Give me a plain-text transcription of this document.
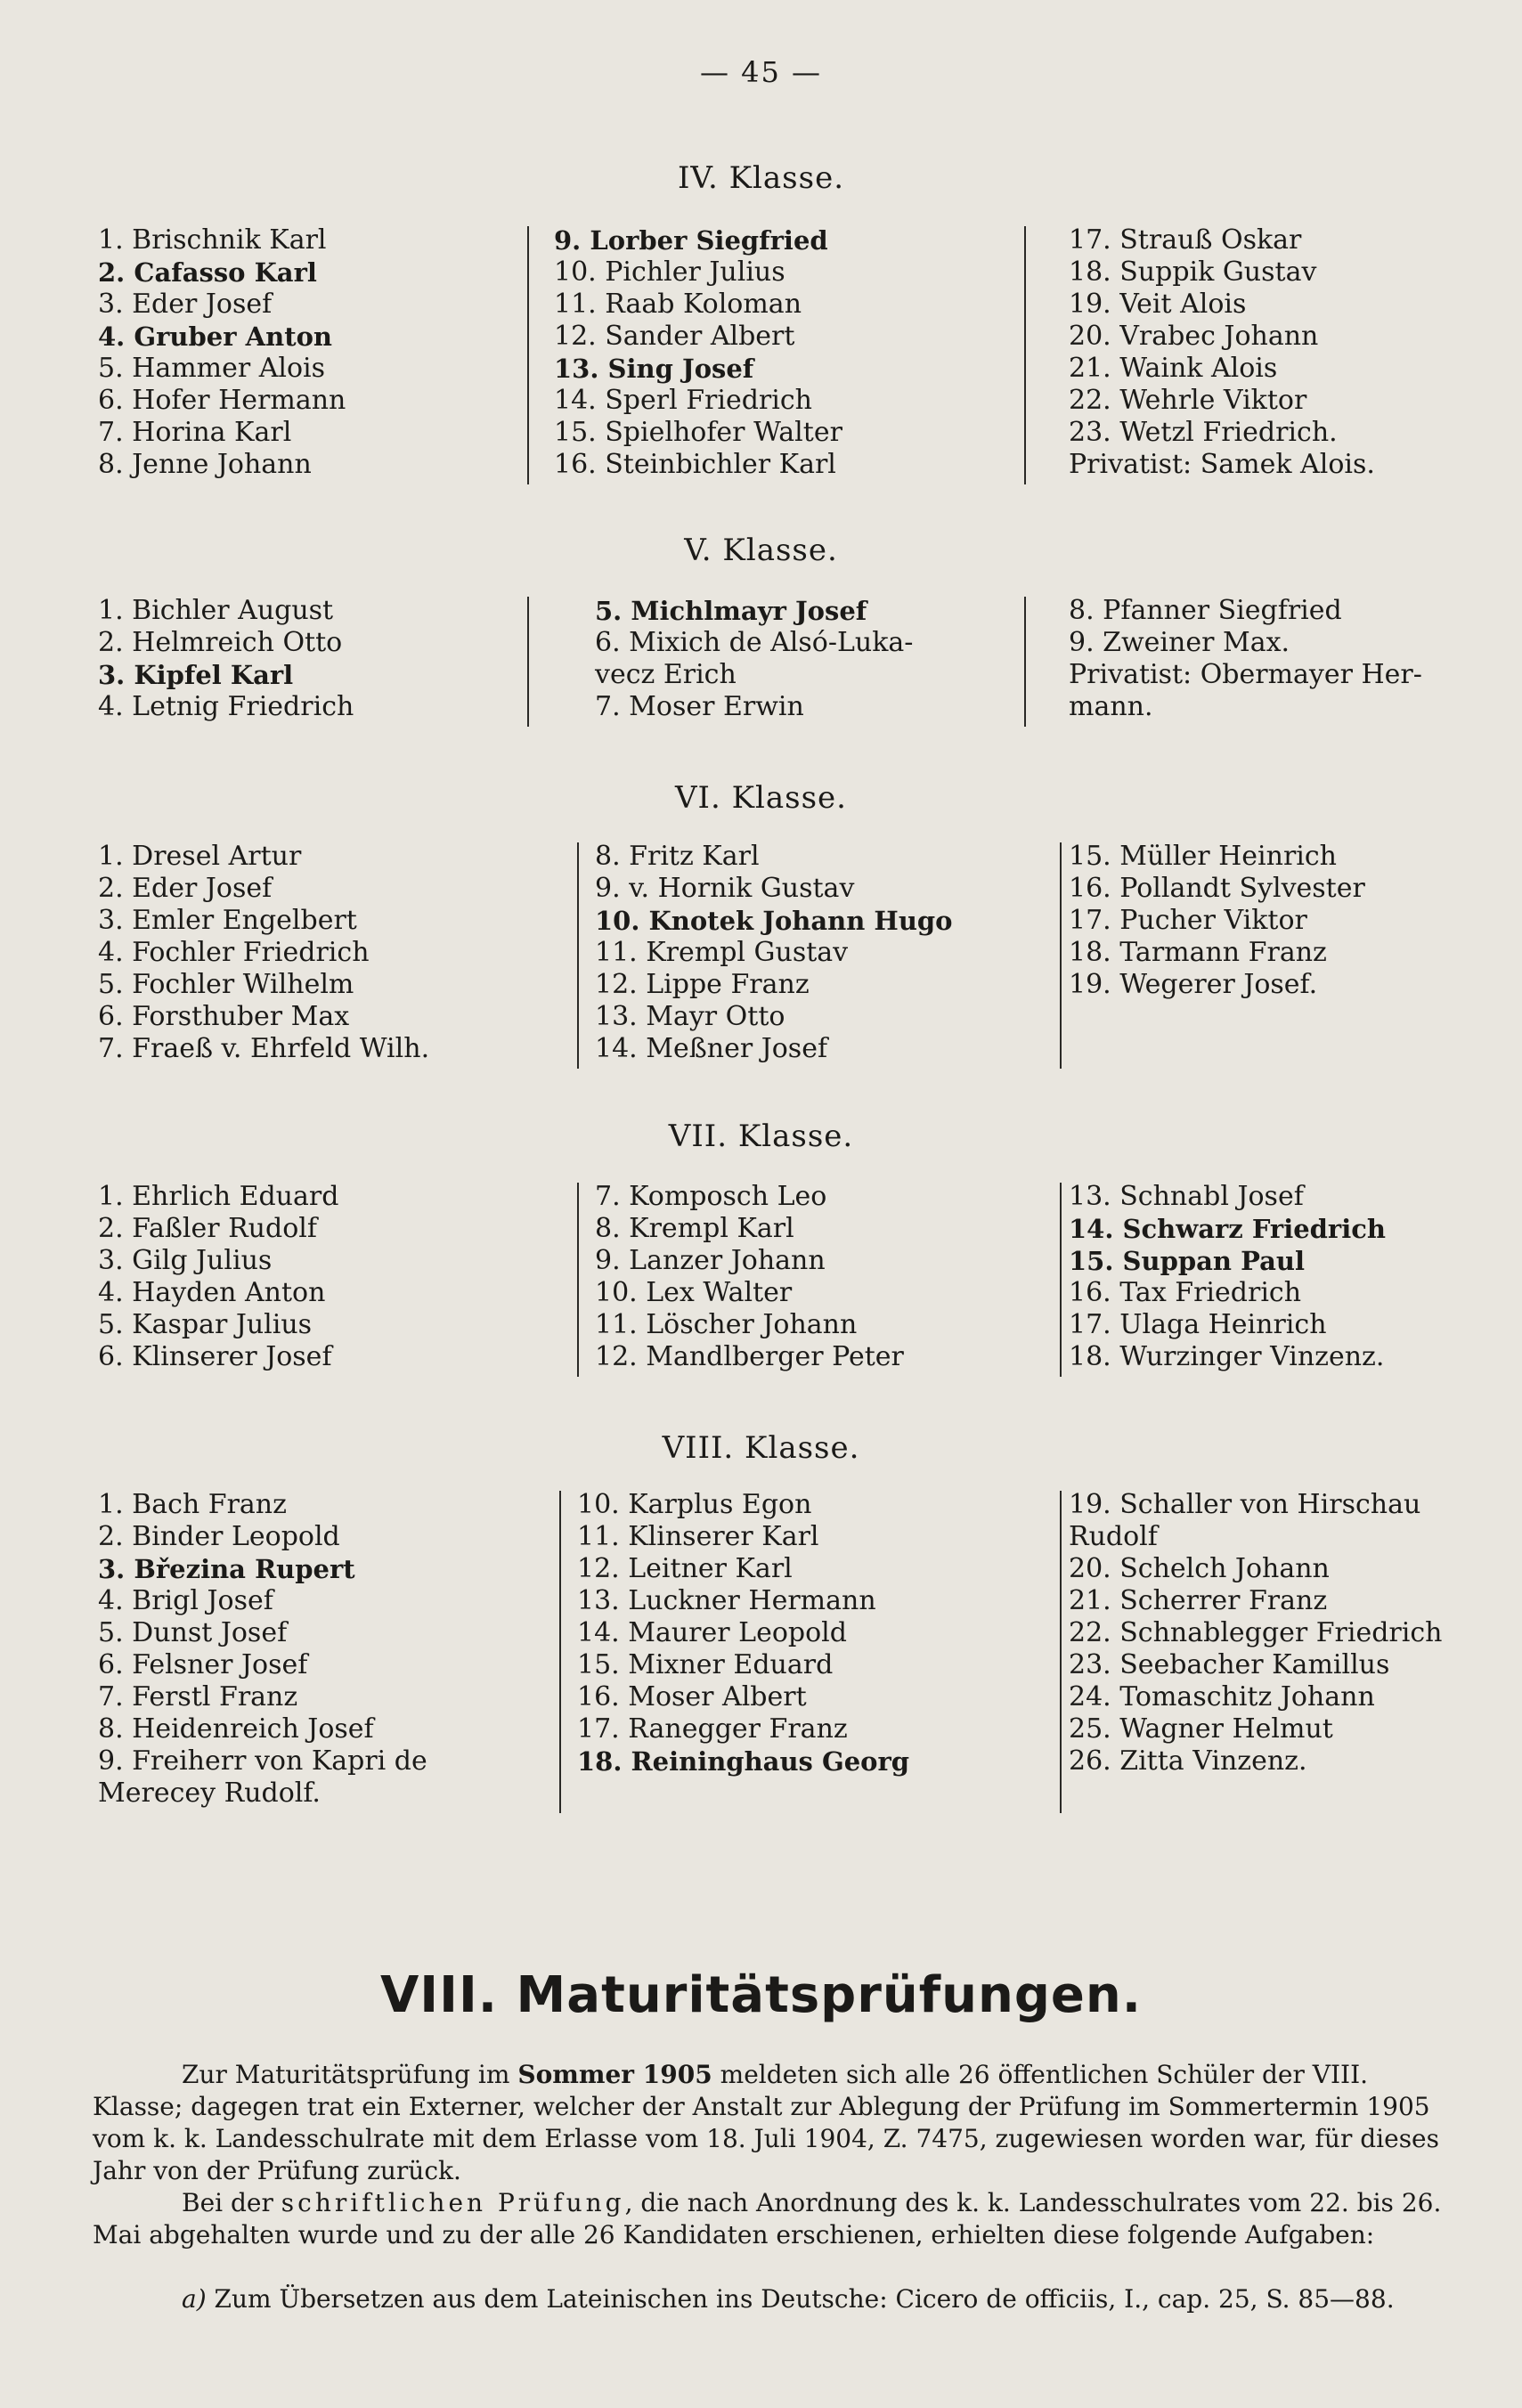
— 45 —
IV. Klasse.
1. Brischnik Karl
2. Cafasso Karl
3. Eder Josef
4. Gruber Anton
5. Hammer Alois
6. Hofer Hermann
7. Horina Karl
8. Jenne Johann
9. Lorber Siegfried
10. Pichler Julius
11. Raab Koloman
12. Sander Albert
13. Sing Josef
14. Sperl Friedrich
15. Spielhofer Walter
16. Steinbichler Karl
17. Strauß Oskar
18. Suppik Gustav
19. Veit Alois
20. Vrabec Johann
21. Waink Alois
22. Wehrle Viktor
23. Wetzl Friedrich.
Privatist: Samek Alois.
V. Klasse.
1. Bichler August
2. Helmreich Otto
3. Kipfel Karl
4. Letnig Friedrich
5. Michlmayr Josef
6. Mixich de Alsó-Luka-
vecz Erich
7. Moser Erwin
8. Pfanner Siegfried
9. Zweiner Max.
Privatist: Obermayer Her-
mann.
VI. Klasse.
1. Dresel Artur
2. Eder Josef
3. Emler Engelbert
4. Fochler Friedrich
5. Fochler Wilhelm
6. Forsthuber Max
7. Fraeß v. Ehrfeld Wilh.
8. Fritz Karl
9. v. Hornik Gustav
10. Knotek Johann Hugo
11. Krempl Gustav
12. Lippe Franz
13. Mayr Otto
14. Meßner Josef
15. Müller Heinrich
16. Pollandt Sylvester
17. Pucher Viktor
18. Tarmann Franz
19. Wegerer Josef.
VII. Klasse.
1. Ehrlich Eduard
2. Faßler Rudolf
3. Gilg Julius
4. Hayden Anton
5. Kaspar Julius
6. Klinserer Josef
7. Komposch Leo
8. Krempl Karl
9. Lanzer Johann
10. Lex Walter
11. Löscher Johann
12. Mandlberger Peter
13. Schnabl Josef
14. Schwarz Friedrich
15. Suppan Paul
16. Tax Friedrich
17. Ulaga Heinrich
18. Wurzinger Vinzenz.
VIII. Klasse.
1. Bach Franz
2. Binder Leopold
3. Březina Rupert
4. Brigl Josef
5. Dunst Josef
6. Felsner Josef
7. Ferstl Franz
8. Heidenreich Josef
9. Freiherr von Kapri de
Merecey Rudolf.
10. Karplus Egon
11. Klinserer Karl
12. Leitner Karl
13. Luckner Hermann
14. Maurer Leopold
15. Mixner Eduard
16. Moser Albert
17. Ranegger Franz
18. Reininghaus Georg
19. Schaller von Hirschau
Rudolf
20. Schelch Johann
21. Scherrer Franz
22. Schnablegger Friedrich
23. Seebacher Kamillus
24. Tomaschitz Johann
25. Wagner Helmut
26. Zitta Vinzenz.
VIII. Maturitätsprüfungen.
Zur Maturitätsprüfung im Sommer 1905 meldeten sich alle 26 öffentlichen Schüler der VIII. Klasse; dagegen trat ein Externer, welcher der Anstalt zur Ablegung der Prüfung im Sommertermin 1905 vom k. k. Landesschulrate mit dem Erlasse vom 18. Juli 1904, Z. 7475, zugewiesen worden war, für dieses Jahr von der Prüfung zurück.
Bei der schriftlichen Prüfung, die nach Anordnung des k. k. Landesschulrates vom 22. bis 26. Mai abgehalten wurde und zu der alle 26 Kandidaten erschienen, erhielten diese folgende Aufgaben:
a) Zum Übersetzen aus dem Lateinischen ins Deutsche: Cicero de officiis, I., cap. 25, S. 85—88.
